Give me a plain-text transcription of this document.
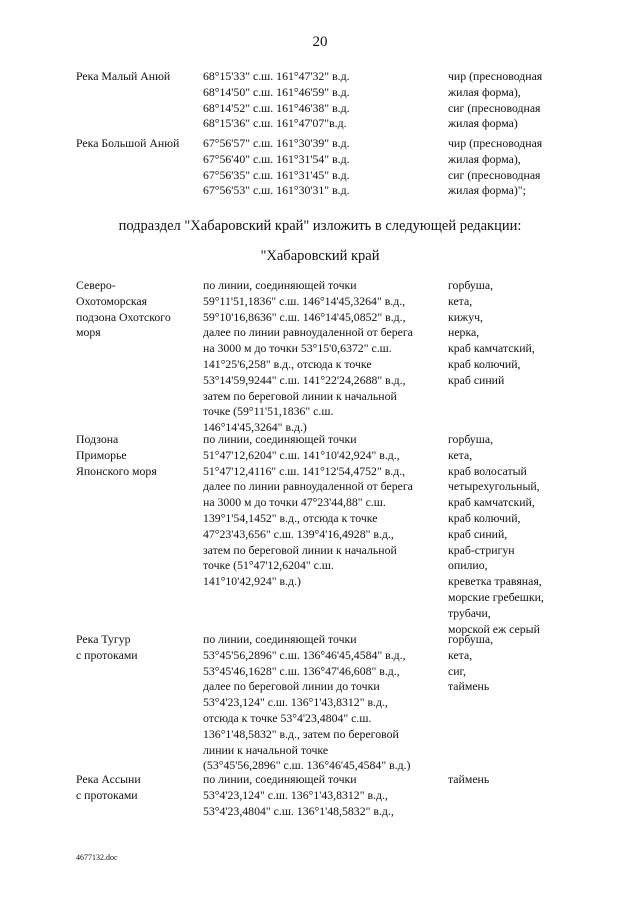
20
Река Малый Анюй	68°15'33" с.ш. 161°47'32" в.д.
68°14'50" с.ш. 161°46'59" в.д.
68°14'52" с.ш. 161°46'38" в.д.
68°15'36" с.ш. 161°47'07"в.д.
чир (пресноводная
жилая форма),
сиг (пресноводная
жилая форма)
Река Большой Анюй	67°56'57" с.ш. 161°30'39" в.д.
67°56'40" с.ш. 161°31'54" в.д.
67°56'35" с.ш. 161°31'45" в.д.
67°56'53" с.ш. 161°30'31" в.д.
чир (пресноводная
жилая форма),
сиг (пресноводная
жилая форма)";
подраздел "Хабаровский край" изложить в следующей редакции:
"Хабаровский край
Северо-
Охотоморская
подзона Охотского
моря
по линии, соединяющей точки
59°11'51,1836" с.ш. 146°14'45,3264" в.д.,
59°10'16,8636" с.ш. 146°14'45,0852" в.д.,
далее по линии равноудаленной от берега
на 3000 м до точки 53°15'0,6372" с.ш.
141°25'6,258" в.д., отсюда к точке
53°14'59,9244" с.ш. 141°22'24,2688" в.д.,
затем по береговой линии к начальной
точке (59°11'51,1836" с.ш.
146°14'45,3264" в.д.)
горбуша,
кета,
кижуч,
нерка,
краб камчатский,
краб колючий,
краб синий
Подзона
Приморье
Японского моря
по линии, соединяющей точки
51°47'12,6204" с.ш. 141°10'42,924" в.д.,
51°47'12,4116" с.ш. 141°12'54,4752" в.д.,
далее по линии равноудаленной от берега
на 3000 м до точки 47°23'44,88" с.ш.
139°1'54,1452" в.д., отсюда к точке
47°23'43,656" с.ш. 139°4'16,4928" в.д.,
затем по береговой линии к начальной
точке (51°47'12,6204" с.ш.
141°10'42,924" в.д.)
горбуша,
кета,
краб волосатый
четырехугольный,
краб камчатский,
краб колючий,
краб синий,
краб-стригун
опилио,
креветка травяная,
морские гребешки,
трубачи,
морской еж серый
Река Тугур
с протоками
по линии, соединяющей точки
53°45'56,2896" с.ш. 136°46'45,4584" в.д.,
53°45'46,1628" с.ш. 136°47'46,608" в.д.,
далее по береговой линии до точки
53°4'23,124" с.ш. 136°1'43,8312" в.д.,
отсюда к точке 53°4'23,4804" с.ш.
136°1'48,5832" в.д., затем по береговой
линии к начальной точке
(53°45'56,2896" с.ш. 136°46'45,4584" в.д.)
горбуша,
кета,
сиг,
таймень
Река Ассыни
с протоками
по линии, соединяющей точки
53°4'23,124" с.ш. 136°1'43,8312" в.д.,
53°4'23,4804" с.ш. 136°1'48,5832" в.д.,
таймень
4677132.doc
